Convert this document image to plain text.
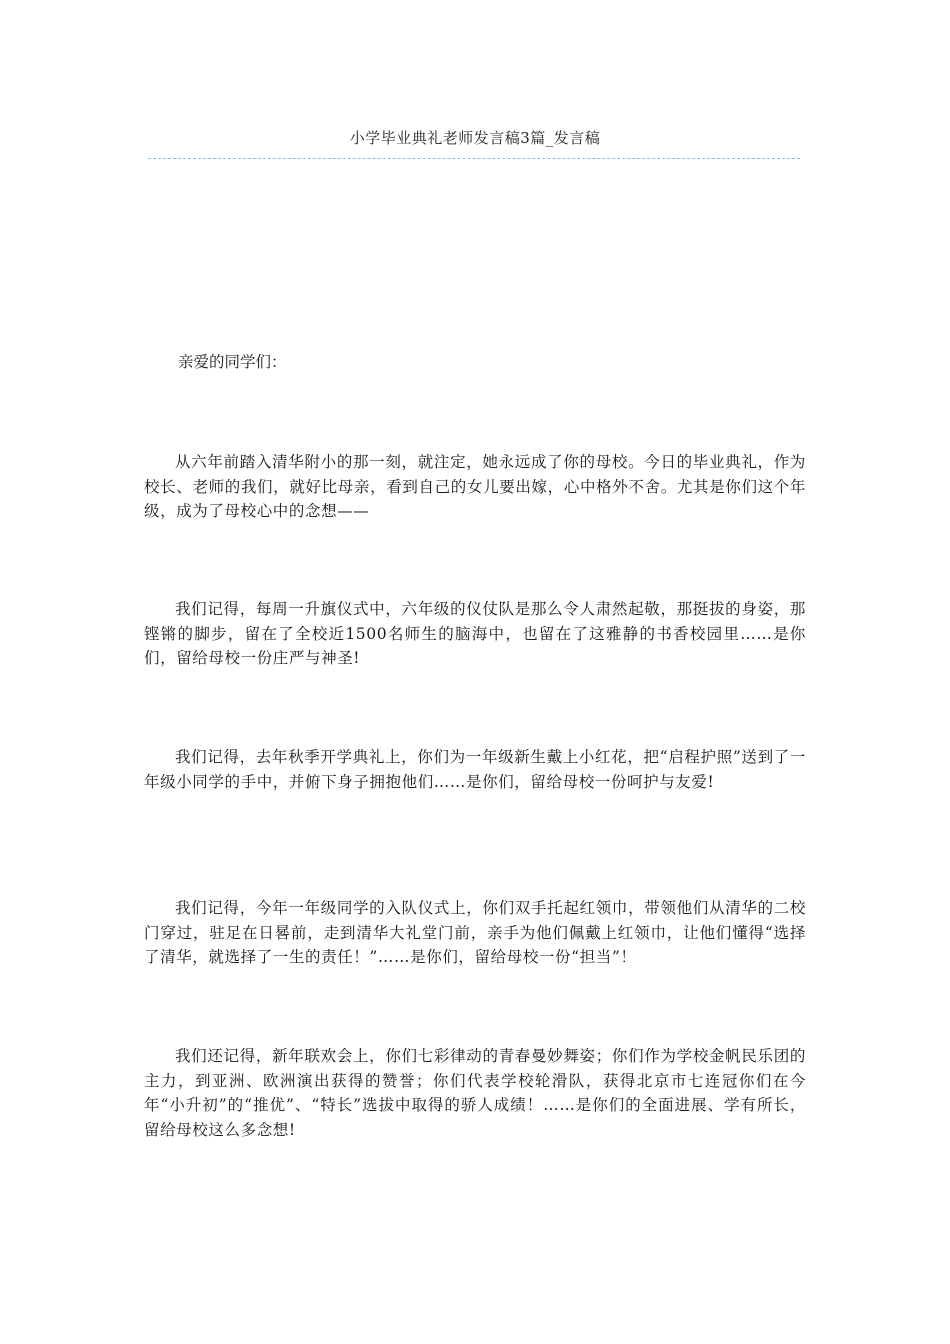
小学毕业典礼老师发言稿3篇_发言稿

亲爱的同学们：

从六年前踏入清华附小的那一刻，就注定，她永远成了你的母校。今日的毕业典礼，作为校长、老师的我们，就好比母亲，看到自己的女儿要出嫁，心中格外不舍。尤其是你们这个年级，成为了母校心中的念想——

我们记得，每周一升旗仪式中，六年级的仪仗队是那么令人肃然起敬，那挺拔的身姿，那铿锵的脚步，留在了全校近1500名师生的脑海中，也留在了这雅静的书香校园里……是你们，留给母校一份庄严与神圣!

我们记得，去年秋季开学典礼上，你们为一年级新生戴上小红花，把“启程护照”送到了一年级小同学的手中，并俯下身子拥抱他们……是你们，留给母校一份呵护与友爱!

我们记得，今年一年级同学的入队仪式上，你们双手托起红领巾，带领他们从清华的二校门穿过，驻足在日晷前，走到清华大礼堂门前，亲手为他们佩戴上红领巾，让他们懂得“选择了清华，就选择了一生的责任！”……是你们，留给母校一份“担当”！

我们还记得，新年联欢会上，你们七彩律动的青春曼妙舞姿；你们作为学校金帆民乐团的主力，到亚洲、欧洲演出获得的赞誉；你们代表学校轮滑队，获得北京市七连冠你们在今年“小升初”的“推优”、“特长”选拔中取得的骄人成绩！……是你们的全面进展、学有所长，留给母校这么多念想!
